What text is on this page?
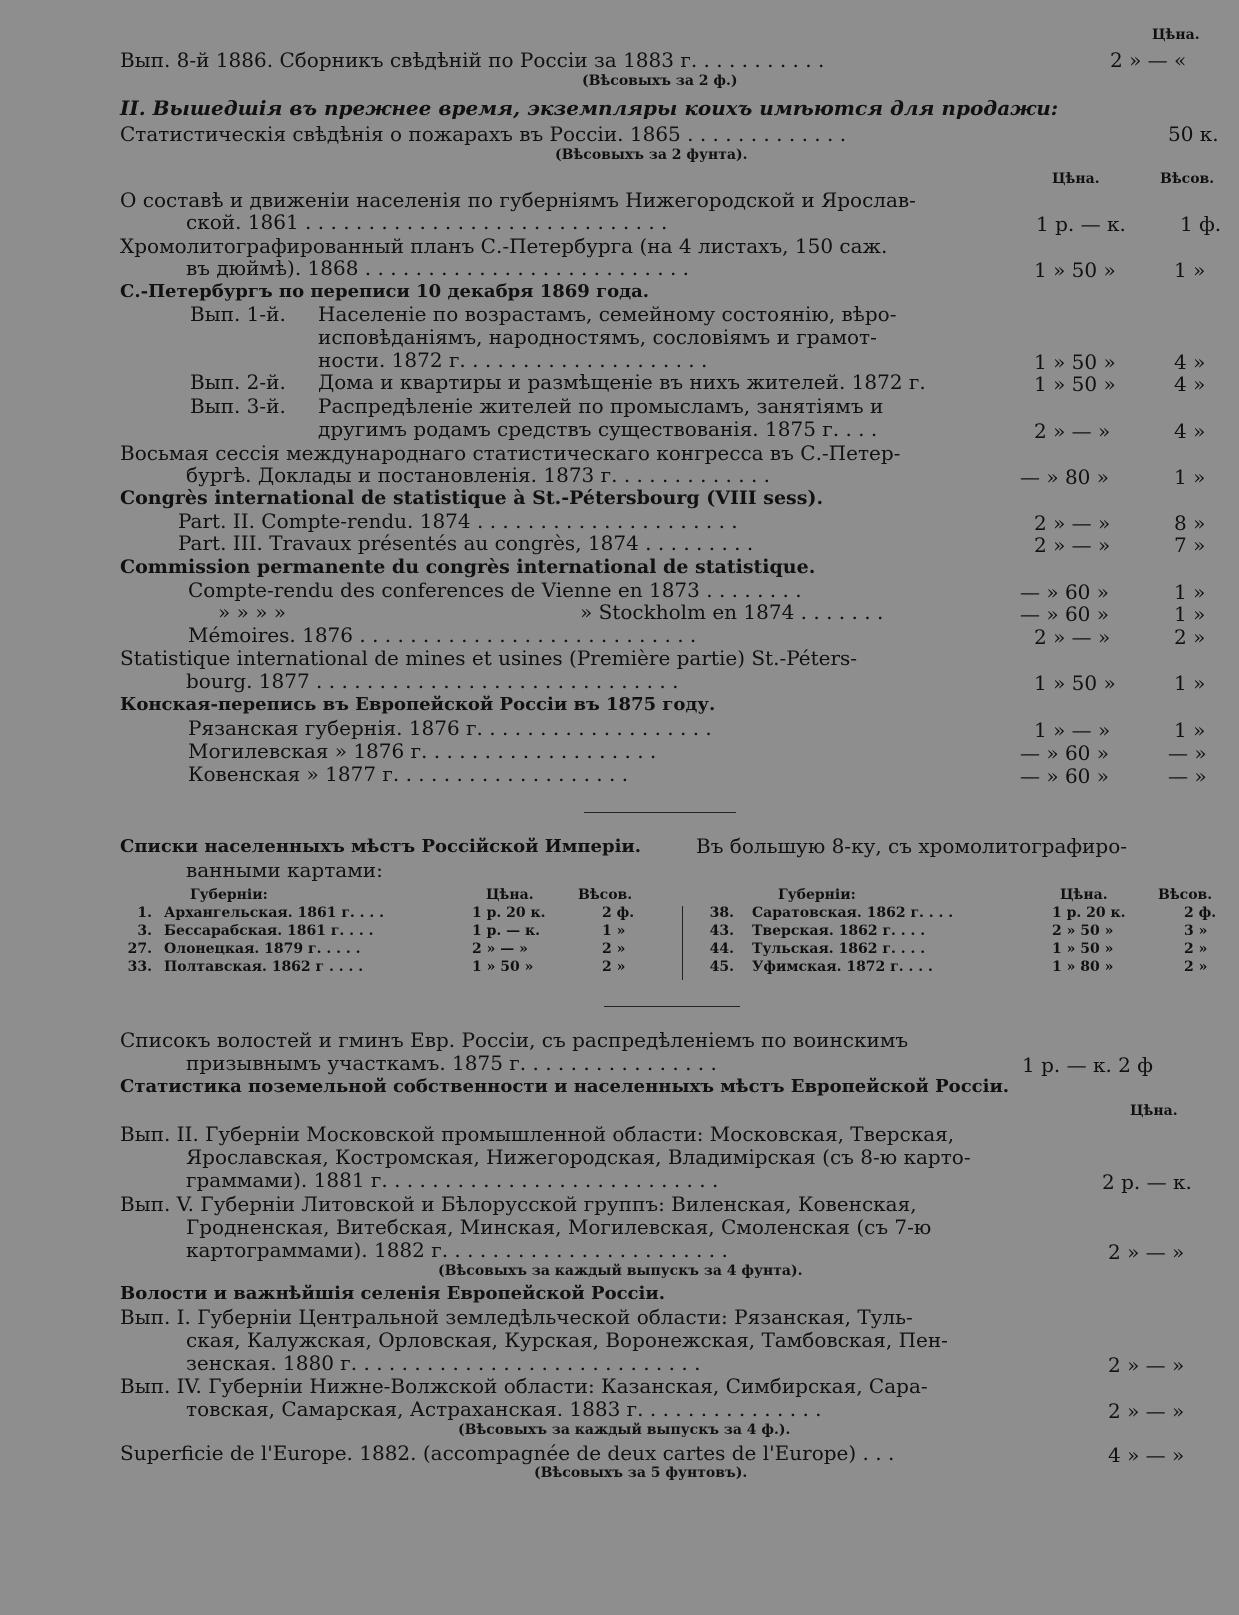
Цѣна.
Вып. 8-й 1886. Сборникъ свѣдѣній по Россіи за 1883 г. . . . . . . . . . .	2 » — «
(Вѣсовыхъ за 2 ф.)
II. Вышедшія въ прежнее время, экземпляры коихъ имѣются для продажи:
Статистическія свѣдѣнія о пожарахъ въ Россіи. 1865 . . . . . . . . . . . . .	50 к.
(Вѣсовыхъ за 2 фунта).
Цѣна.	Вѣсов.
О составѣ и движеніи населенія по губерніямъ Нижегородской и Ярослав-
ской. 1861 . . . . . . . . . . . . . . . . . . . . . . . . . . . . .	1 р. — к.	1 ф.
Хромолитографированный планъ С.-Петербурга (на 4 листахъ, 150 саж.
въ дюймѣ). 1868 . . . . . . . . . . . . . . . . . . . . . . . . . .	1 » 50 »	1 »
С.-Петербургъ по переписи 10 декабря 1869 года.
Вып. 1-й. Населеніе по возрастамъ, семейному состоянію, вѣро-
исповѣданіямъ, народностямъ, сословіямъ и грамот-
ности. 1872 г. . . . . . . . . . . . . . . . . . . .	1 » 50 »	4 »
Вып. 2-й. Дома и квартиры и размѣщеніе въ нихъ жителей. 1872 г.	1 » 50 »	4 »
Вып. 3-й. Распредѣленіе жителей по промысламъ, занятіямъ и
другимъ родамъ средствъ существованія. 1875 г. . . .	2 » — »	4 »
Восьмая сессія международнаго статистическаго конгресса въ С.-Петер-
бургѣ. Доклады и постановленія. 1873 г. . . . . . . . . . . . .	— » 80 »	1 »
Congrès international de statistique à St.-Pétersbourg (VIII sess).
Part. II. Compte-rendu. 1874 . . . . . . . . . . . . . . . . . . . . .	2 » — »	8 »
Part. III. Travaux présentés au congrès, 1874 . . . . . . . . .	2 » — »	7 »
Commission permanente du congrès international de statistique.
Compte-rendu des conferences de Vienne en 1873 . . . . . . . .	— » 60 »	1 »
» » » »	» Stockholm en 1874 . . . . . . .	— » 60 »	1 »
Mémoires. 1876 . . . . . . . . . . . . . . . . . . . . . . . . . . .	2 » — »	2 »
Statistique international de mines et usines (Première partie) St.-Péters-
bourg. 1877 . . . . . . . . . . . . . . . . . . . . . . . . . . . . .	1 » 50 »	1 »
Конская-перепись въ Европейской Россіи въ 1875 году.
Рязанская губернія. 1876 г. . . . . . . . . . . . . . . . . . .	1 » — »	1 »
Могилевская » 1876 г. . . . . . . . . . . . . . . . . . .	— » 60 »	— »
Ковенская » 1877 г. . . . . . . . . . . . . . . . . . .	— » 60 »	— »
Списки населенныхъ мѣстъ Россійской Имперіи.	Въ большую 8-ку, съ хромолитографиро-
ванными картами:
Губерніи:	Цѣна.	Вѣсов.	Губерніи:	Цѣна.	Вѣсов.
1. Архангельская. 1861 г. . . .	1 р. 20 к.	2 ф.
3. Бессарабская. 1861 г. . . .	1 р. — к.	1 »
27. Олонецкая. 1879 г. . . . .	2 » — »	2 »
33. Полтавская. 1862 г . . . .	1 » 50 »	2 »
38. Саратовская. 1862 г. . . .	1 р. 20 к.	2 ф.
43. Тверская. 1862 г. . . .	2 » 50 »	3 »
44. Тульская. 1862 г. . . .	1 » 50 »	2 »
45. Уфимская. 1872 г. . . .	1 » 80 »	2 »
Списокъ волостей и гминъ Евр. Россіи, съ распредѣленіемъ по воинскимъ
призывнымъ участкамъ. 1875 г. . . . . . . . . . . . . . . .	1 р. — к. 2 ф
Статистика поземельной собственности и населенныхъ мѣстъ Европейской Россіи.
Цѣна.
Вып. II. Губерніи Московской промышленной области: Московская, Тверская,
Ярославская, Костромская, Нижегородская, Владимірская (съ 8-ю карто-
граммами). 1881 г. . . . . . . . . . . . . . . . . . . . . . . . . . .	2 р. — к.
Вып. V. Губерніи Литовской и Бѣлорусской группъ: Виленская, Ковенская,
Гродненская, Витебская, Минская, Могилевская, Смоленская (съ 7-ю
картограммами). 1882 г. . . . . . . . . . . . . . . . . . . . . . .	2 » — »
(Вѣсовыхъ за каждый выпускъ за 4 фунта).
Волости и важнѣйшія селенія Европейской Россіи.
Вып. I. Губерніи Центральной земледѣльческой области: Рязанская, Туль-
ская, Калужская, Орловская, Курская, Воронежская, Тамбовская, Пен-
зенская. 1880 г. . . . . . . . . . . . . . . . . . . . . . . . . . . .	2 » — »
Вып. IV. Губерніи Нижне-Волжской области: Казанская, Симбирская, Сара-
товская, Самарская, Астраханская. 1883 г. . . . . . . . . . . . . . .	2 » — »
(Вѣсовыхъ за каждый выпускъ за 4 ф.).
Superficie de l'Europe. 1882. (accompagnée de deux cartes de l'Europe) . . .	4 » — »
(Вѣсовыхъ за 5 фунтовъ).
